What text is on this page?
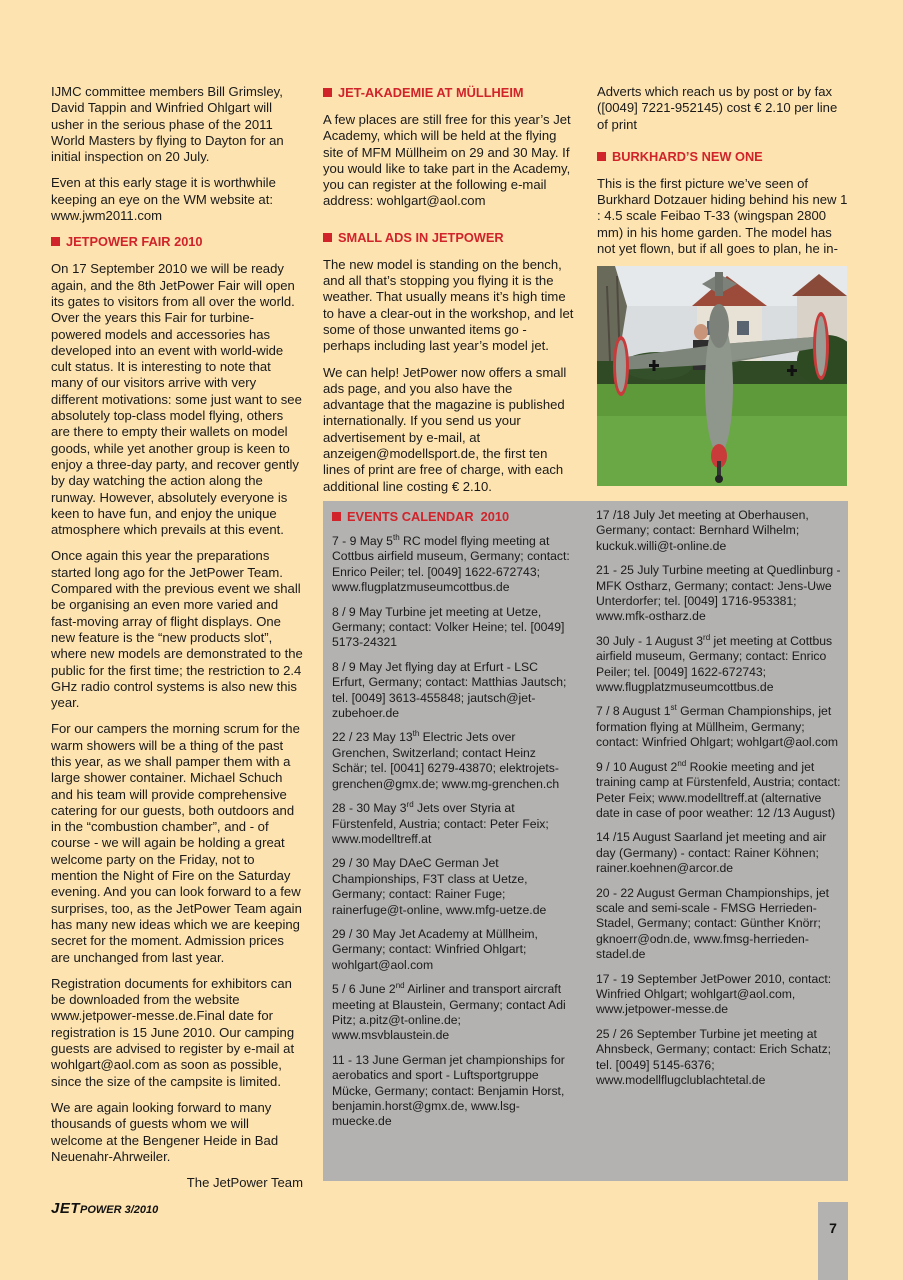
IJMC committee members Bill Grimsley, David Tappin and Winfried Ohlgart will usher in the serious phase of the 2011 World Masters by flying to Dayton for an initial inspection on 20 July.

Even at this early stage it is worthwhile keeping an eye on the WM website at: www.jwm2011.com

JETPOWER FAIR 2010

On 17 September 2010 we will be ready again, and the 8th JetPower Fair will open its gates to visitors from all over the world. Over the years this Fair for turbine-powered models and accessories has developed into an event with world-wide cult status. It is interesting to note that many of our visitors arrive with very different motivations: some just want to see absolutely top-class model flying, others are there to empty their wallets on model goods, while yet another group is keen to enjoy a three-day party, and recover gently by day watching the action along the runway. However, absolutely everyone is keen to have fun, and enjoy the unique atmosphere which prevails at this event.

Once again this year the preparations started long ago for the JetPower Team. Compared with the previous event we shall be organising an even more varied and fast-moving array of flight displays. One new feature is the “new products slot”, where new models are demonstrated to the public for the first time; the restriction to 2.4 GHz radio control systems is also new this year.

For our campers the morning scrum for the warm showers will be a thing of the past this year, as we shall pamper them with a large shower container. Michael Schuch and his team will provide comprehensive catering for our guests, both outdoors and in the “combustion chamber”, and - of course - we will again be holding a great welcome party on the Friday, not to mention the Night of Fire on the Saturday evening. And you can look forward to a few surprises, too, as the JetPower Team again has many new ideas which we are keeping secret for the moment. Admission prices are unchanged from last year.

Registration documents for exhibitors can be downloaded from the website www.jetpower-messe.de.Final date for registration is 15 June 2010. Our camping guests are advised to register by e-mail at wohlgart@aol.com as soon as possible, since the size of the campsite is limited.

We are again looking forward to many thousands of guests whom we will welcome at the Bengener Heide in Bad Neuenahr-Ahrweiler.

The JetPower Team
JET-AKADEMIE AT MÜLLHEIM

A few places are still free for this year’s Jet Academy, which will be held at the flying site of MFM Müllheim on 29 and 30 May. If you would like to take part in the Academy, you can register at the following e-mail address: wohlgart@aol.com

SMALL ADS IN JETPOWER

The new model is standing on the bench, and all that’s stopping you flying it is the weather. That usually means it’s high time to have a clear-out in the workshop, and let some of those unwanted items go - perhaps including last year’s model jet.

We can help! JetPower now offers a small ads page, and you also have the advantage that the magazine is published internationally. If you send us your advertisement by e-mail, at anzeigen@modellsport.de, the first ten lines of print are free of charge, with each additional line costing € 2.10.

Adverts which reach us by post or by fax ([0049] 7221-952145) cost € 2.10 per line of print

BURKHARD’S NEW ONE

This is the first picture we’ve seen of Burkhard Dotzauer hiding behind his new 1 : 4.5 scale Feibao T-33 (wingspan 2800 mm) in his home garden. The model has not yet flown, but if all goes to plan, he in-

EVENTS CALENDAR  2010

7 - 9 May 5th RC model flying meeting at Cottbus airfield museum, Germany; contact: Enrico Peiler; tel. [0049] 1622-672743; www.flugplatzmuseumcottbus.de

8 / 9 May Turbine jet meeting at Uetze, Germany; contact: Volker Heine; tel. [0049] 5173-24321

8 / 9 May Jet flying day at Erfurt - LSC Erfurt, Germany; contact: Matthias Jautsch; tel. [0049] 3613-455848; jautsch@jet-zubehoer.de

22 / 23 May 13th Electric Jets over Grenchen, Switzerland; contact Heinz Schär; tel. [0041] 6279-43870; elektrojets-grenchen@gmx.de; www.mg-grenchen.ch

28 - 30 May 3rd Jets over Styria at Fürstenfeld, Austria; contact: Peter Feix; www.modelltreff.at

29 / 30 May DAeC German Jet Championships, F3T class at Uetze, Germany; contact: Rainer Fuge; rainerfuge@t-online, www.mfg-uetze.de

29 / 30 May Jet Academy at Müllheim, Germany; contact: Winfried Ohlgart; wohlgart@aol.com

5 / 6 June 2nd Airliner and transport aircraft meeting at Blaustein, Germany; contact Adi Pitz; a.pitz@t-online.de; www.msvblaustein.de

11 - 13 June German jet championships for aerobatics and sport - Luftsportgruppe Mücke, Germany; contact: Benjamin Horst, benjamin.horst@gmx.de, www.lsg-muecke.de

17 /18 July Jet meeting at Oberhausen, Germany; contact: Bernhard Wilhelm; kuckuk.willi@t-online.de

21 - 25 July Turbine meeting at Quedlinburg - MFK Ostharz, Germany; contact: Jens-Uwe Unterdorfer; tel. [0049] 1716-953381; www.mfk-ostharz.de

30 July - 1 August 3rd jet meeting at Cottbus airfield museum, Germany; contact: Enrico Peiler; tel. [0049] 1622-672743; www.flugplatzmuseumcottbus.de

7 / 8 August 1st German Championships, jet formation flying at Müllheim, Germany; contact: Winfried Ohlgart; wohlgart@aol.com

9 / 10 August 2nd Rookie meeting and jet training camp at Fürstenfeld, Austria; contact: Peter Feix; www.modelltreff.at (alternative date in case of poor weather: 12 /13 August)

14 /15 August Saarland jet meeting and air day (Germany) - contact: Rainer Köhnen; rainer.koehnen@arcor.de

20 - 22 August German Championships, jet scale and semi-scale - FMSG Herrieden-Stadel, Germany; contact: Günther Knörr; gknoerr@odn.de, www.fmsg-herrieden-stadel.de

17 - 19 September JetPower 2010, contact: Winfried Ohlgart; wohlgart@aol.com, www.jetpower-messe.de

25 / 26 September Turbine jet meeting at Ahnsbeck, Germany; contact: Erich Schatz; tel. [0049] 5145-6376; www.modellflugclublachtetal.de

JETPOWER 3/2010
7
